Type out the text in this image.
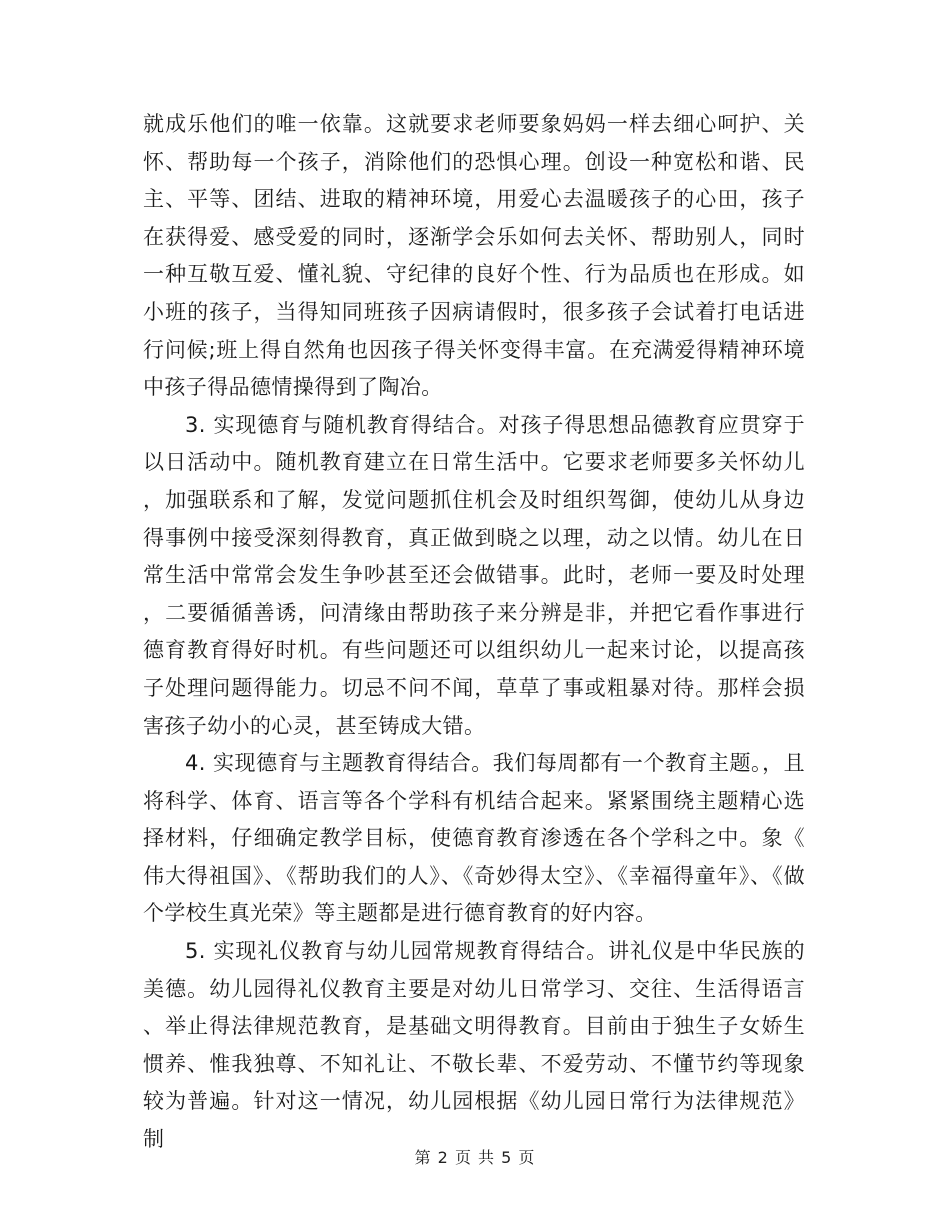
就成乐他们的唯一依靠。这就要求老师要象妈妈一样去细心呵护、关怀、帮助每一个孩子，消除他们的恐惧心理。创设一种宽松和谐、民主、平等、团结、进取的精神环境，用爱心去温暖孩子的心田，孩子在获得爱、感受爱的同时，逐渐学会乐如何去关怀、帮助别人，同时一种互敬互爱、懂礼貌、守纪律的良好个性、行为品质也在形成。如小班的孩子，当得知同班孩子因病请假时，很多孩子会试着打电话进行问候;班上得自然角也因孩子得关怀变得丰富。在充满爱得精神环境中孩子得品德情操得到了陶冶。

3. 实现德育与随机教育得结合。对孩子得思想品德教育应贯穿于以日活动中。随机教育建立在日常生活中。它要求老师要多关怀幼儿，加强联系和了解，发觉问题抓住机会及时组织驾御，使幼儿从身边得事例中接受深刻得教育，真正做到晓之以理，动之以情。幼儿在日常生活中常常会发生争吵甚至还会做错事。此时，老师一要及时处理，二要循循善诱，问清缘由帮助孩子来分辨是非，并把它看作事进行德育教育得好时机。有些问题还可以组织幼儿一起来讨论，以提高孩子处理问题得能力。切忌不问不闻，草草了事或粗暴对待。那样会损害孩子幼小的心灵，甚至铸成大错。

4. 实现德育与主题教育得结合。我们每周都有一个教育主题。，且将科学、体育、语言等各个学科有机结合起来。紧紧围绕主题精心选择材料，仔细确定教学目标，使德育教育渗透在各个学科之中。象《伟大得祖国》、《帮助我们的人》、《奇妙得太空》、《幸福得童年》、《做个学校生真光荣》等主题都是进行德育教育的好内容。

5. 实现礼仪教育与幼儿园常规教育得结合。讲礼仪是中华民族的美德。幼儿园得礼仪教育主要是对幼儿日常学习、交往、生活得语言、举止得法律规范教育，是基础文明得教育。目前由于独生子女娇生惯养、惟我独尊、不知礼让、不敬长辈、不爱劳动、不懂节约等现象较为普遍。针对这一情况，幼儿园根据《幼儿园日常行为法律规范》制

第 2 页 共 5 页
